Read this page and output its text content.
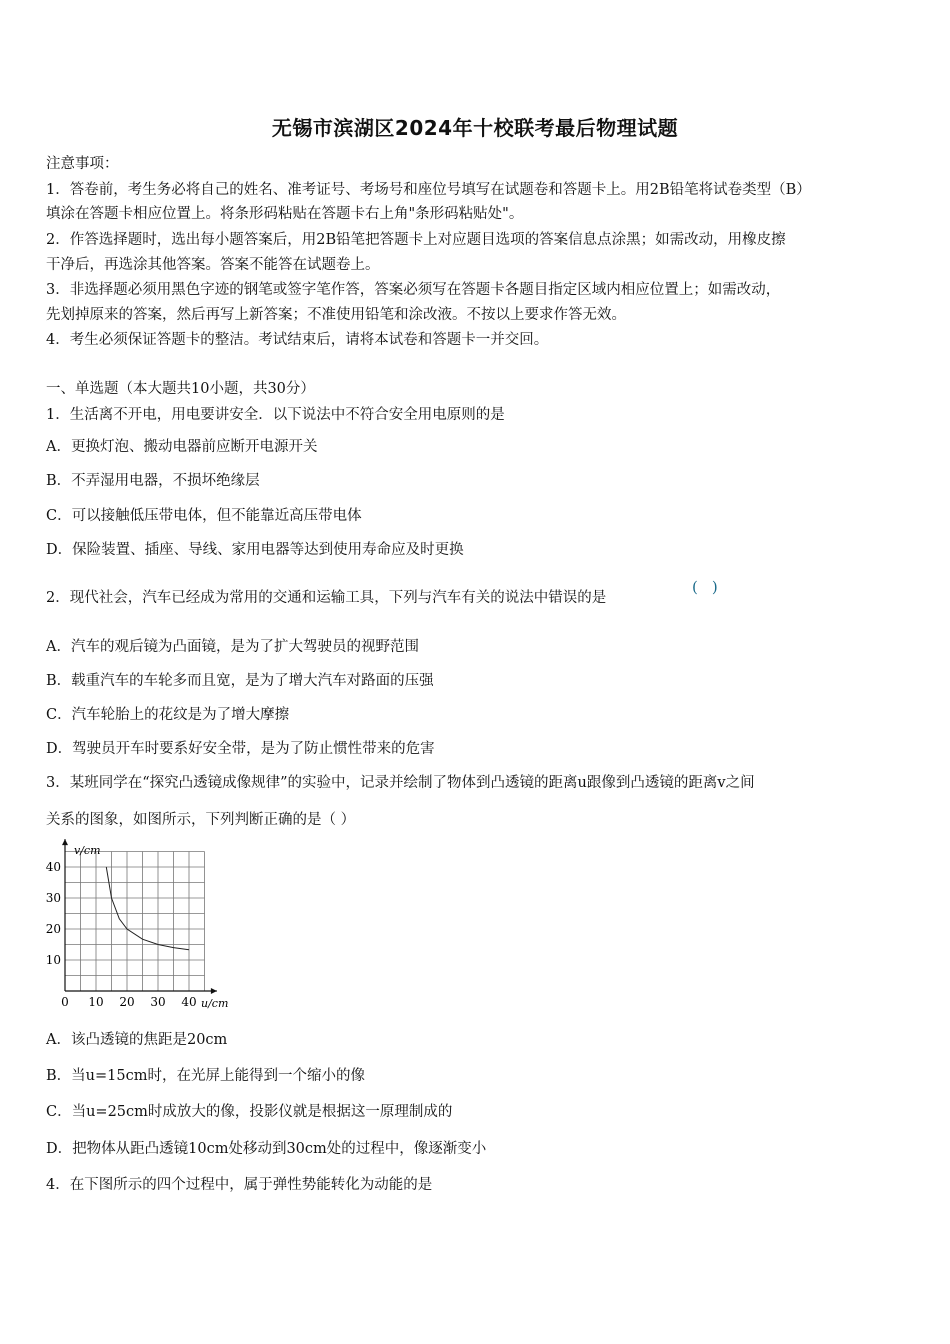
无锡市滨湖区2024年十校联考最后物理试题
注意事项：
1．答卷前，考生务必将自己的姓名、准考证号、考场号和座位号填写在试题卷和答题卡上。用2B铅笔将试卷类型（B）
填涂在答题卡相应位置上。将条形码粘贴在答题卡右上角"条形码粘贴处"。
2．作答选择题时，选出每小题答案后，用2B铅笔把答题卡上对应题目选项的答案信息点涂黑；如需改动，用橡皮擦
干净后，再选涂其他答案。答案不能答在试题卷上。
3．非选择题必须用黑色字迹的钢笔或签字笔作答，答案必须写在答题卡各题目指定区域内相应位置上；如需改动，
先划掉原来的答案，然后再写上新答案；不准使用铅笔和涂改液。不按以上要求作答无效。
4．考生必须保证答题卡的整洁。考试结束后，请将本试卷和答题卡一并交回。
一、单选题（本大题共10小题，共30分）
1．生活离不开电，用电要讲安全．以下说法中不符合安全用电原则的是
A．更换灯泡、搬动电器前应断开电源开关
B．不弄湿用电器，不损坏绝缘层
C．可以接触低压带电体，但不能靠近高压带电体
D．保险装置、插座、导线、家用电器等达到使用寿命应及时更换
2．现代社会，汽车已经成为常用的交通和运输工具，下列与汽车有关的说法中错误的是
()
A．汽车的观后镜为凸面镜，是为了扩大驾驶员的视野范围
B．载重汽车的车轮多而且宽，是为了增大汽车对路面的压强
C．汽车轮胎上的花纹是为了增大摩擦
D．驾驶员开车时要系好安全带，是为了防止惯性带来的危害
3．某班同学在“探究凸透镜成像规律”的实验中，记录并绘制了物体到凸透镜的距离u跟像到凸透镜的距离v之间
关系的图象，如图所示，下列判断正确的是（ ）
0 10 20 30 40
10
20
30
40
v/cm
u/cm
A．该凸透镜的焦距是20cm
B．当u=15cm时，在光屏上能得到一个缩小的像
C．当u=25cm时成放大的像，投影仪就是根据这一原理制成的
D．把物体从距凸透镜10cm处移动到30cm处的过程中，像逐渐变小
4．在下图所示的四个过程中，属于弹性势能转化为动能的是
